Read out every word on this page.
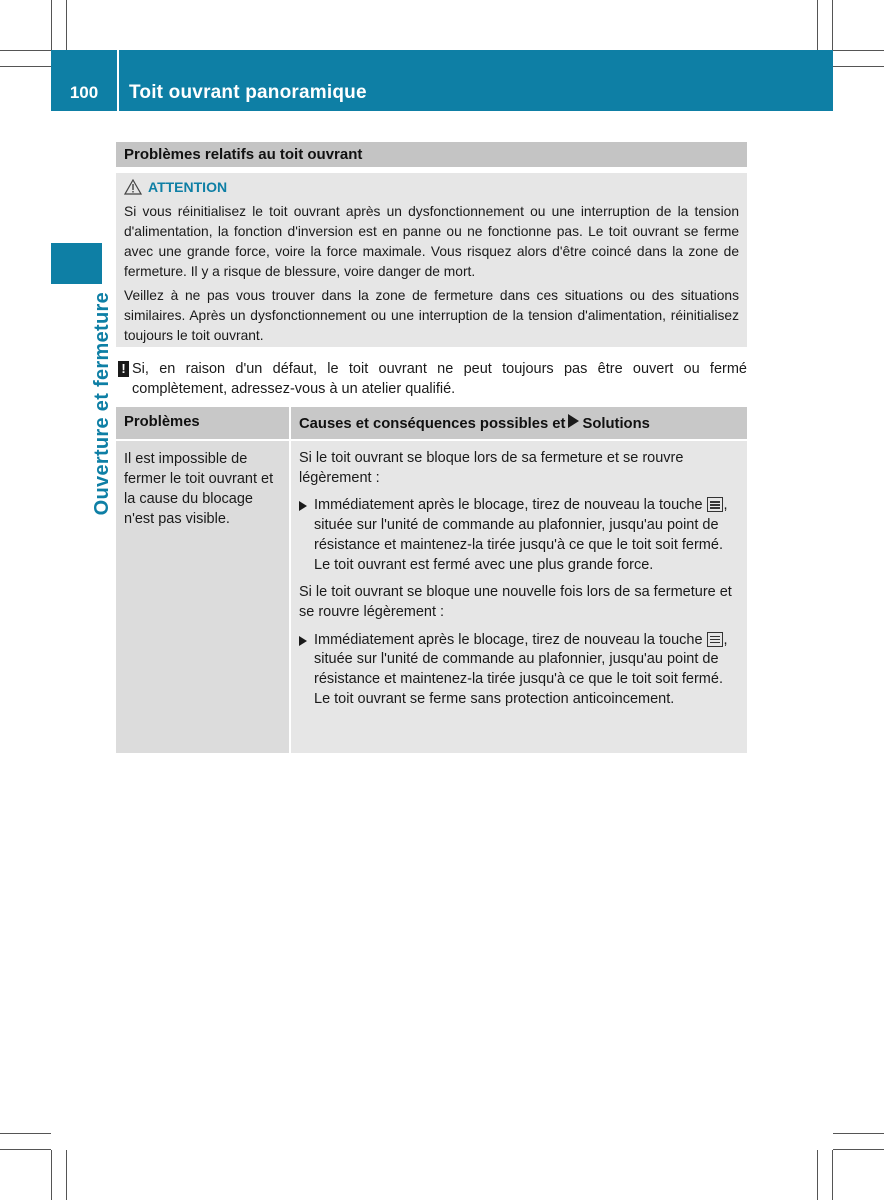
100	Toit ouvrant panoramique
Ouverture et fermeture
Problèmes relatifs au toit ouvrant
ATTENTION

Si vous réinitialisez le toit ouvrant après un dysfonctionnement ou une interruption de la tension d'alimentation, la fonction d'inversion est en panne ou ne fonctionne pas. Le toit ouvrant se ferme avec une grande force, voire la force maximale. Vous risquez alors d'être coincé dans la zone de fermeture. Il y a risque de blessure, voire danger de mort.

Veillez à ne pas vous trouver dans la zone de fermeture dans ces situations ou des situations similaires. Après un dysfonctionnement ou une interruption de la tension d'alimentation, réinitialisez toujours le toit ouvrant.

! Si, en raison d'un défaut, le toit ouvrant ne peut toujours pas être ouvert ou fermé complètement, adressez-vous à un atelier qualifié.
Problèmes	Causes et conséquences possibles et Solutions
Il est impossible de fermer le toit ouvrant et la cause du blocage n'est pas visible.

Si le toit ouvrant se bloque lors de sa fermeture et se rouvre légèrement :

Immédiatement après le blocage, tirez de nouveau la touche , située sur l'unité de commande au plafonnier, jusqu'au point de résistance et maintenez-la tirée jusqu'à ce que le toit soit fermé.
Le toit ouvrant est fermé avec une plus grande force.

Si le toit ouvrant se bloque une nouvelle fois lors de sa fermeture et se rouvre légèrement :

Immédiatement après le blocage, tirez de nouveau la touche , située sur l'unité de commande au plafonnier, jusqu'au point de résistance et maintenez-la tirée jusqu'à ce que le toit soit fermé.
Le toit ouvrant se ferme sans protection anticoincement.
